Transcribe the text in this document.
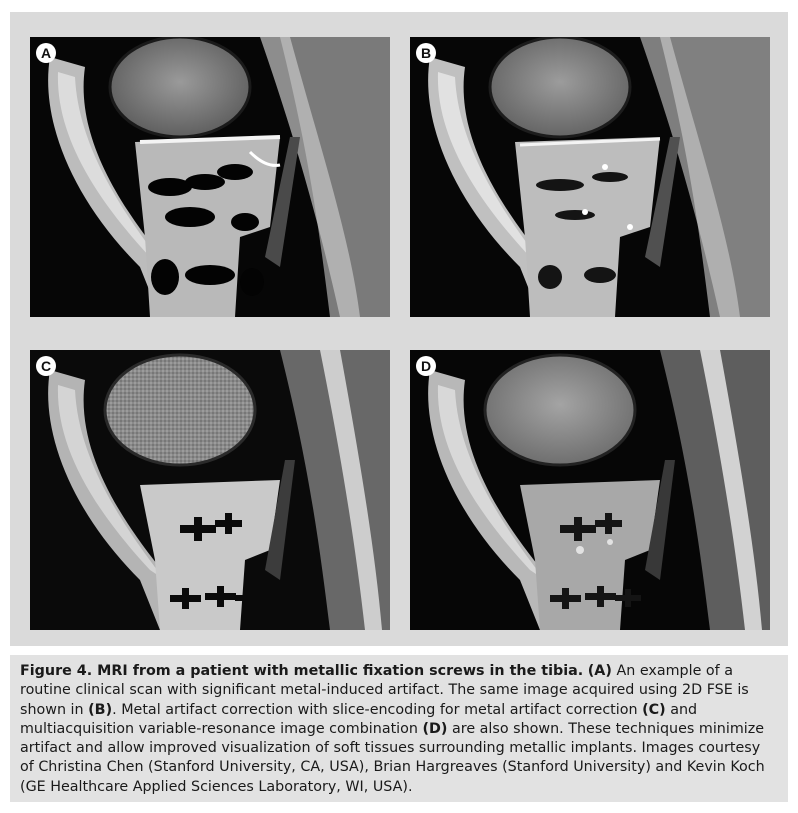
A	B
C	D
Figure 4. MRI from a patient with metallic fixation screws in the tibia. (A) An example of a routine clinical scan with significant metal-induced artifact. The same image acquired using 2D FSE is shown in (B). Metal artifact correction with slice-encoding for metal artifact correction (C) and multiacquisition variable-resonance image combination (D) are also shown. These techniques minimize artifact and allow improved visualization of soft tissues surrounding metallic implants. Images courtesy of Christina Chen (Stanford University, CA, USA), Brian Hargreaves (Stanford University) and Kevin Koch (GE Healthcare Applied Sciences Laboratory, WI, USA).
